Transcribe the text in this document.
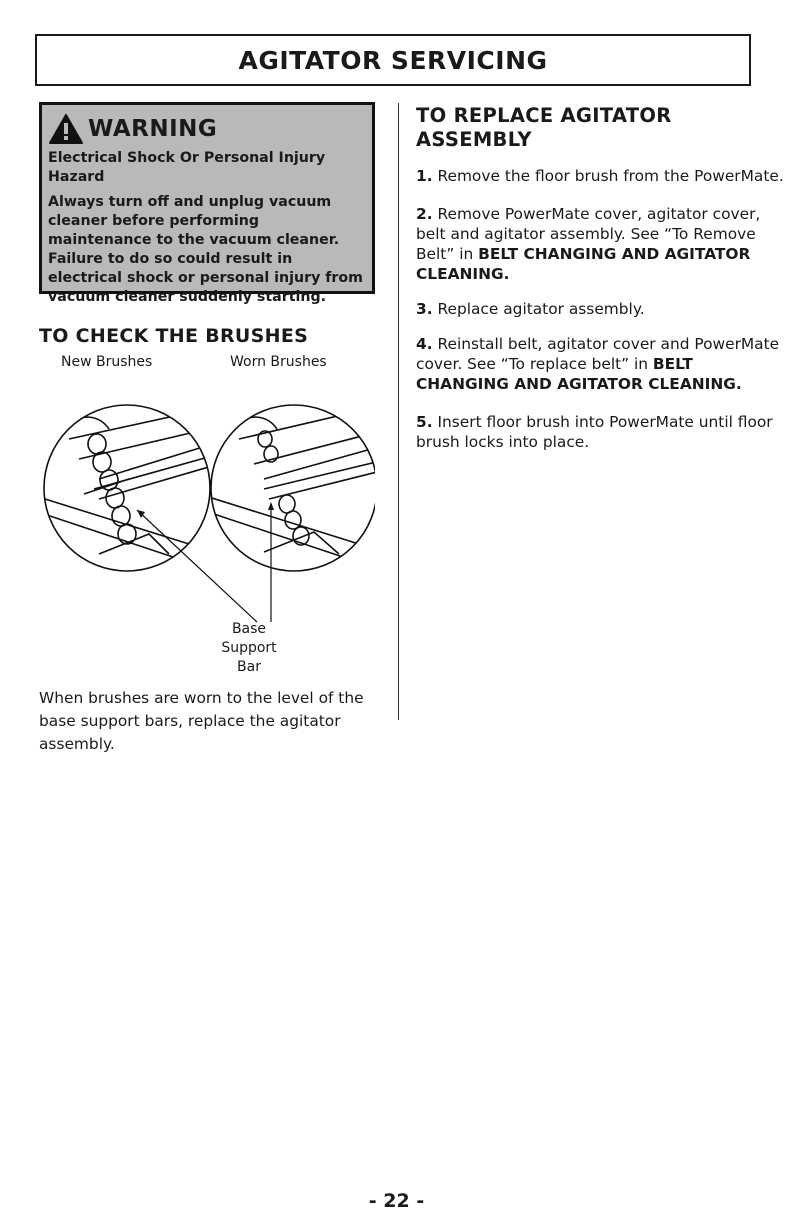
AGITATOR SERVICING
WARNING

Electrical Shock Or Personal Injury Hazard

Always turn off and unplug vacuum cleaner before performing maintenance to the vacuum cleaner. Failure to do so could result in electrical shock or personal injury from vacuum cleaner suddenly starting.

TO CHECK THE BRUSHES
New Brushes	Worn Brushes
Base
Support
Bar

When brushes are worn to the level of the base support bars, replace the agitator assembly.

TO REPLACE AGITATOR ASSEMBLY

1. Remove the floor brush from the PowerMate.

2. Remove PowerMate cover, agitator cover, belt and agitator assembly. See “To Remove Belt” in BELT CHANGING AND AGITATOR CLEANING.

3. Replace agitator assembly.

4. Reinstall belt, agitator cover and PowerMate cover. See “To replace belt” in BELT CHANGING AND AGITATOR CLEANING.

5. Insert floor brush into PowerMate until floor brush locks into place.

- 22 -
